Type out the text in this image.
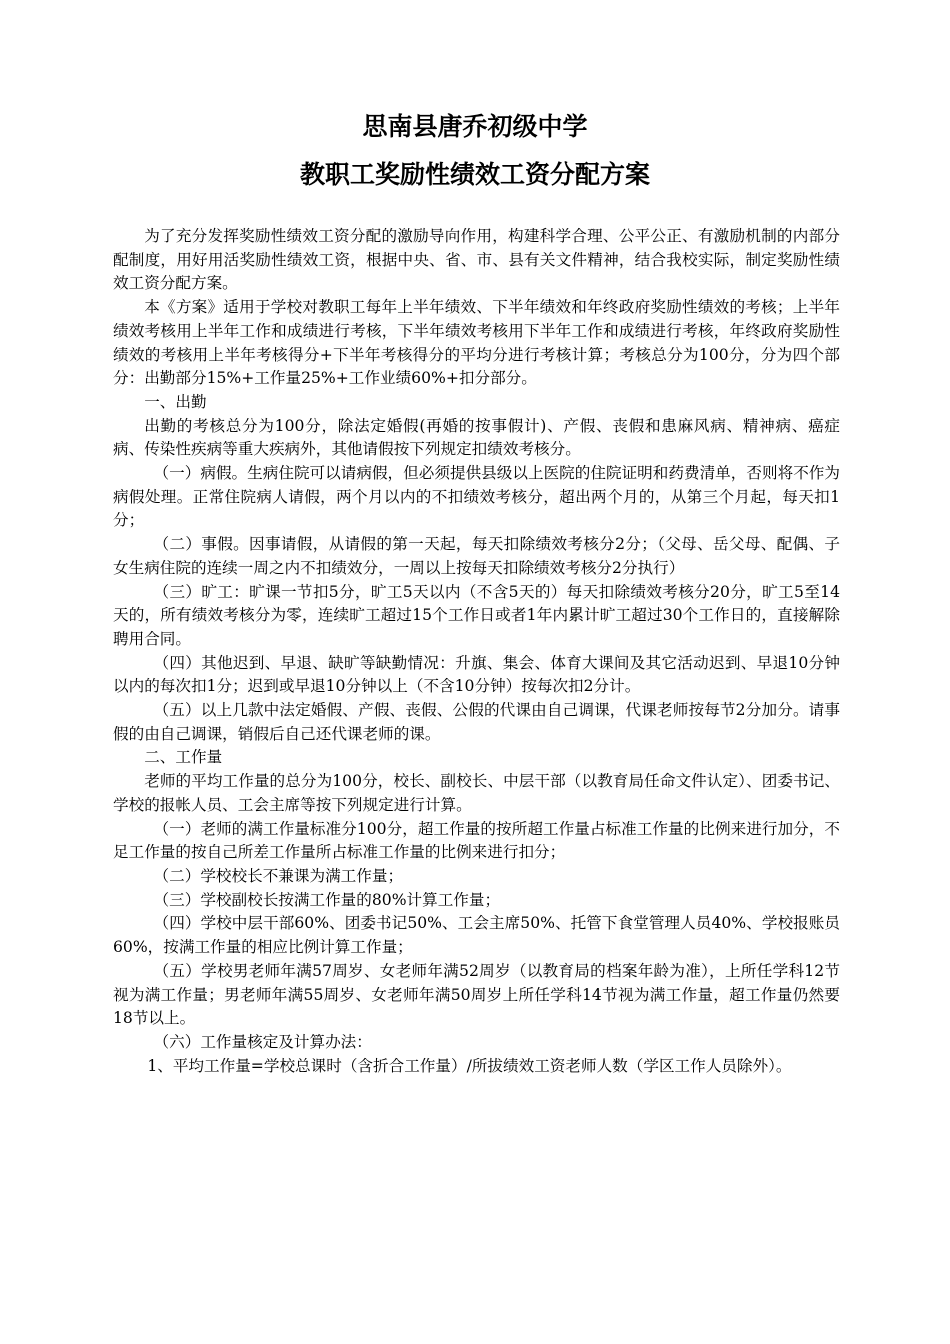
思南县唐乔初级中学
教职工奖励性绩效工资分配方案

为了充分发挥奖励性绩效工资分配的激励导向作用，构建科学合理、公平公正、有激励机制的内部分配制度，用好用活奖励性绩效工资，根据中央、省、市、县有关文件精神，结合我校实际，制定奖励性绩效工资分配方案。

本《方案》适用于学校对教职工每年上半年绩效、下半年绩效和年终政府奖励性绩效的考核；上半年绩效考核用上半年工作和成绩进行考核，下半年绩效考核用下半年工作和成绩进行考核，年终政府奖励性绩效的考核用上半年考核得分+下半年考核得分的平均分进行考核计算；考核总分为100分，分为四个部分：出勤部分15%+工作量25%+工作业绩60%+扣分部分。

一、出勤

出勤的考核总分为100分，除法定婚假(再婚的按事假计)、产假、丧假和患麻风病、精神病、癌症病、传染性疾病等重大疾病外，其他请假按下列规定扣绩效考核分。

（一）病假。生病住院可以请病假，但必须提供县级以上医院的住院证明和药费清单，否则将不作为病假处理。正常住院病人请假，两个月以内的不扣绩效考核分，超出两个月的，从第三个月起，每天扣1分；

（二）事假。因事请假，从请假的第一天起，每天扣除绩效考核分2分；（父母、岳父母、配偶、子女生病住院的连续一周之内不扣绩效分，一周以上按每天扣除绩效考核分2分执行）

（三）旷工：旷课一节扣5分，旷工5天以内（不含5天的）每天扣除绩效考核分20分，旷工5至14天的，所有绩效考核分为零，连续旷工超过15个工作日或者1年内累计旷工超过30个工作日的，直接解除聘用合同。

（四）其他迟到、早退、缺旷等缺勤情况：升旗、集会、体育大课间及其它活动迟到、早退10分钟以内的每次扣1分；迟到或早退10分钟以上（不含10分钟）按每次扣2分计。

（五）以上几款中法定婚假、产假、丧假、公假的代课由自己调课，代课老师按每节2分加分。请事假的由自己调课，销假后自己还代课老师的课。

二、工作量

老师的平均工作量的总分为100分，校长、副校长、中层干部（以教育局任命文件认定）、团委书记、学校的报帐人员、工会主席等按下列规定进行计算。

（一）老师的满工作量标准分100分，超工作量的按所超工作量占标准工作量的比例来进行加分，不足工作量的按自己所差工作量所占标准工作量的比例来进行扣分；

（二）学校校长不兼课为满工作量；

（三）学校副校长按满工作量的80%计算工作量；

（四）学校中层干部60%、团委书记50%、工会主席50%、托管下食堂管理人员40%、学校报账员60%，按满工作量的相应比例计算工作量；

（五）学校男老师年满57周岁、女老师年满52周岁（以教育局的档案年龄为准），上所任学科12节视为满工作量；男老师年满55周岁、女老师年满50周岁上所任学科14节视为满工作量，超工作量仍然要18节以上。

（六）工作量核定及计算办法：

1、平均工作量=学校总课时（含折合工作量）/所拔绩效工资老师人数（学区工作人员除外）。
